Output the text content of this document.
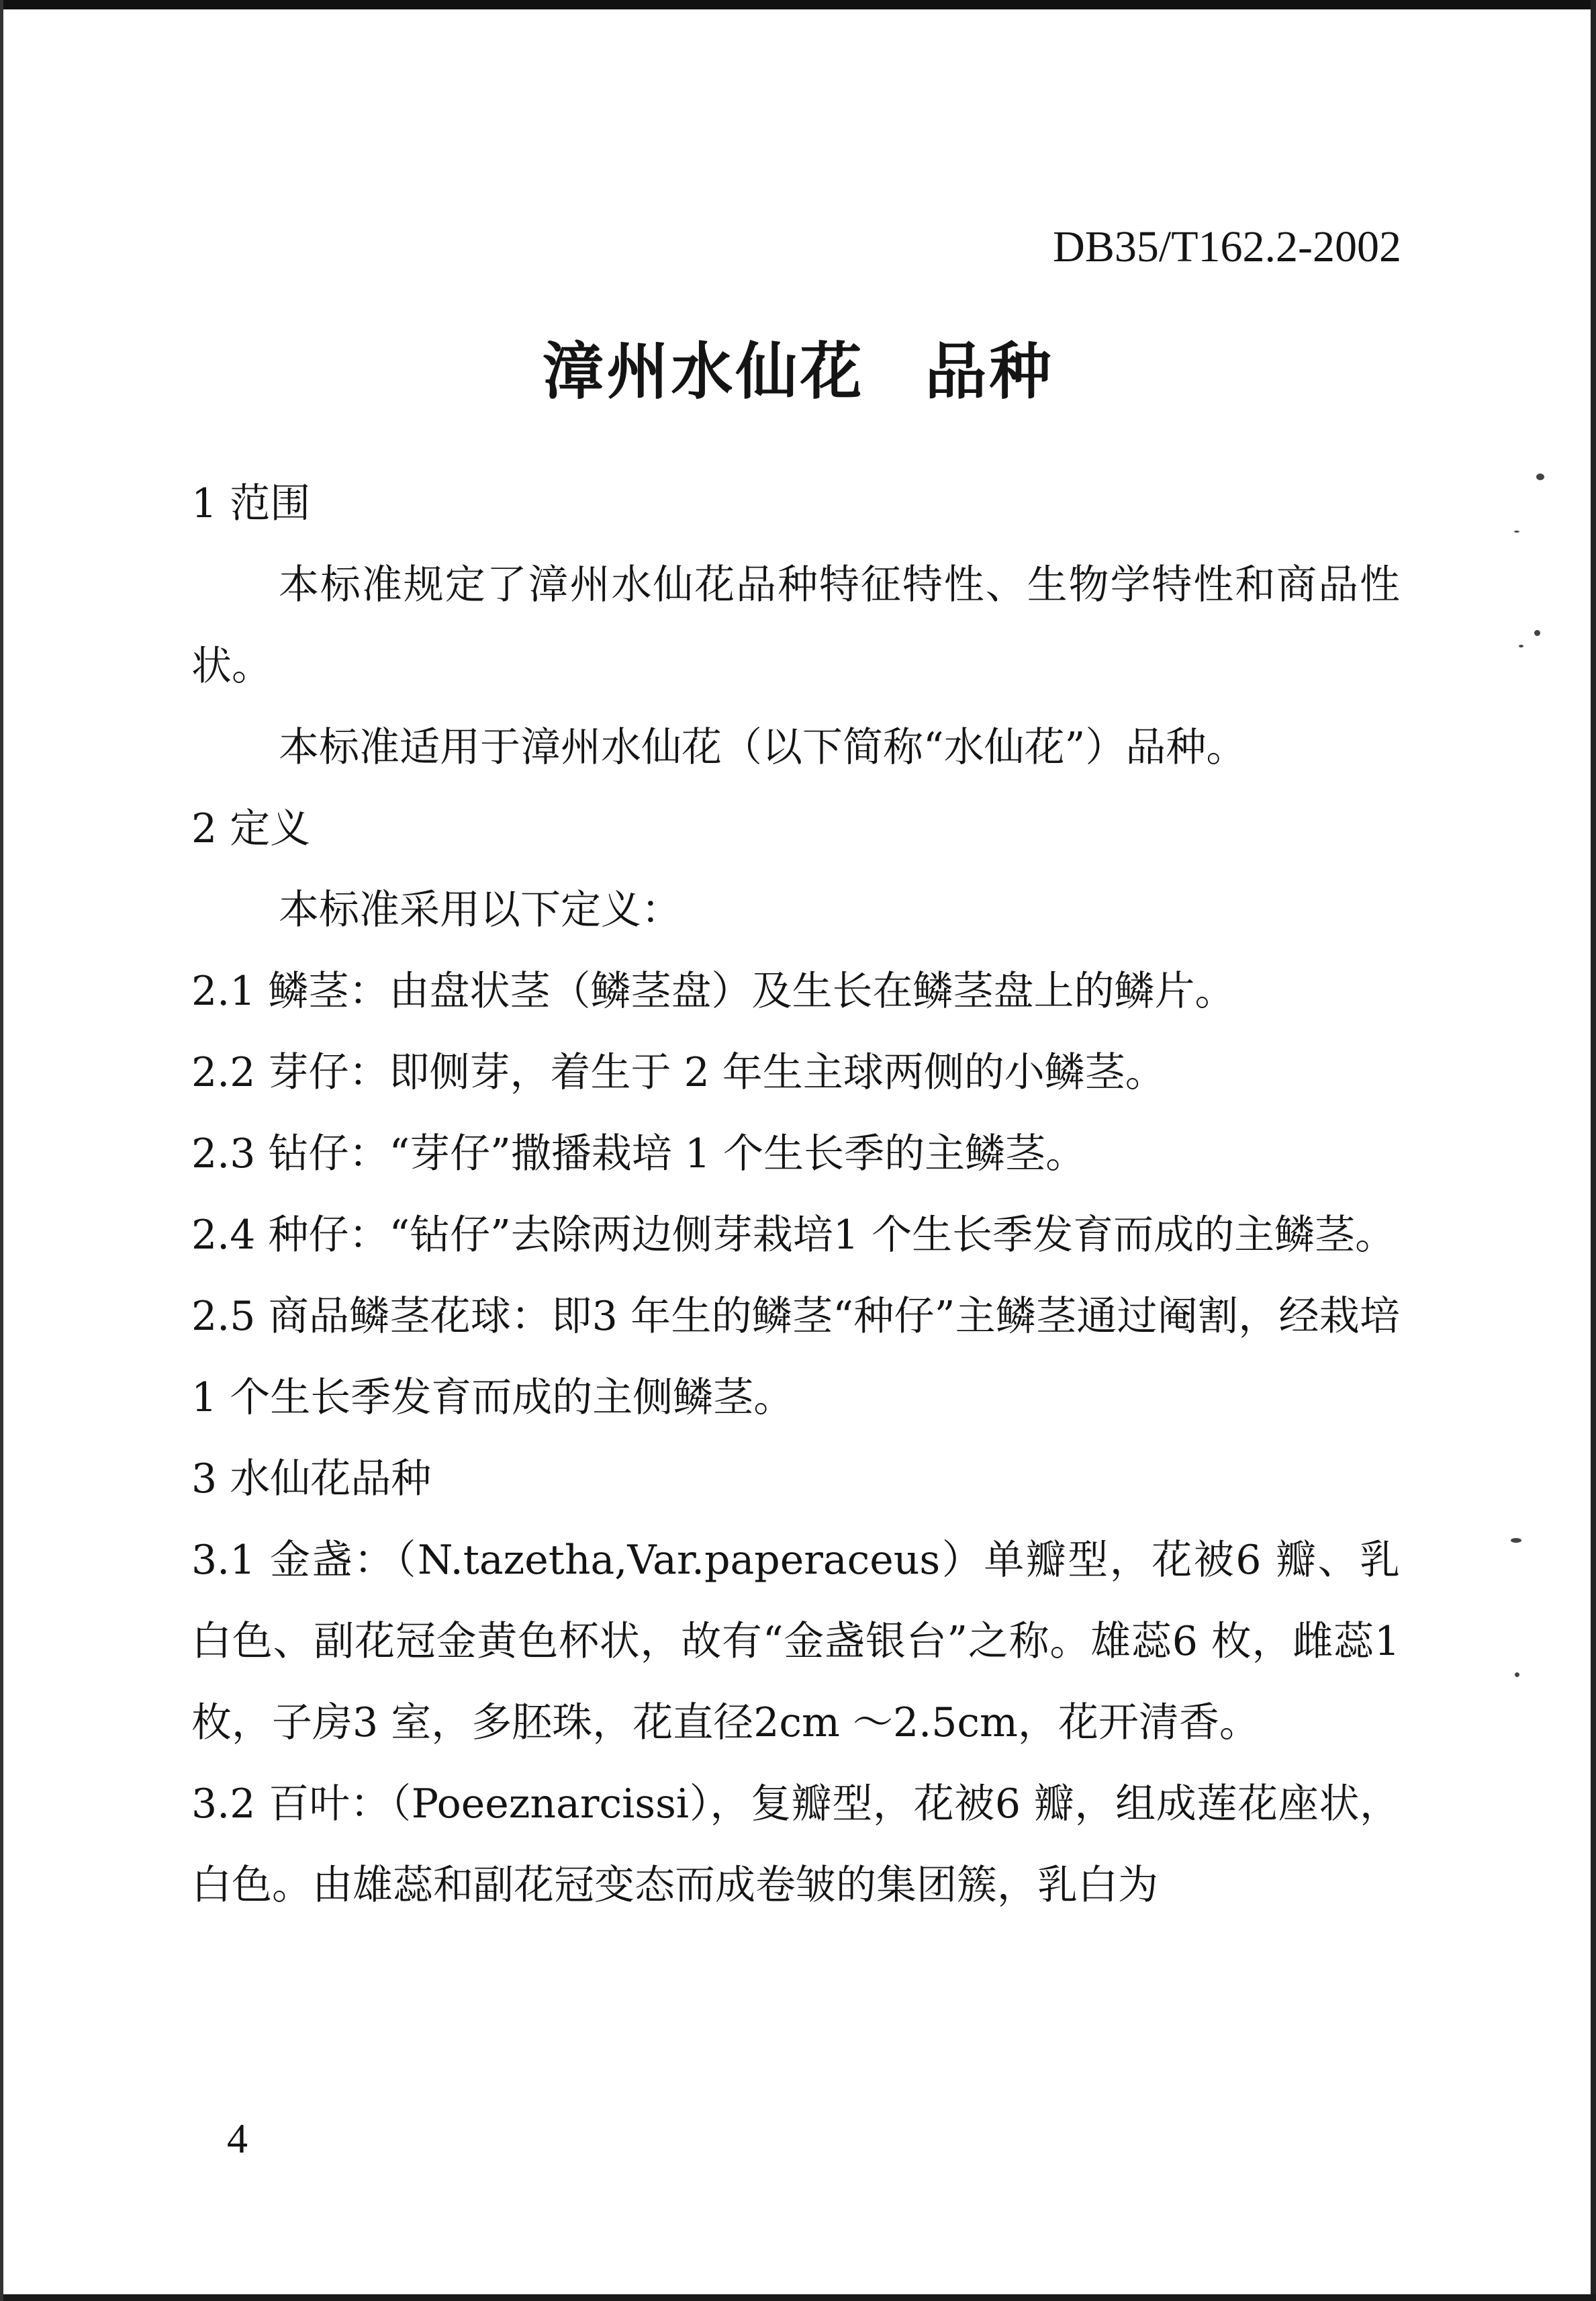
DB35/T162.2-2002
漳州水仙花 品种

1 范围

本标准规定了漳州水仙花品种特征特性、生物学特性和商品性状。

本标准适用于漳州水仙花（以下简称“水仙花”）品种。

2 定义

本标准采用以下定义：

2.1 鳞茎：由盘状茎（鳞茎盘）及生长在鳞茎盘上的鳞片。

2.2 芽仔：即侧芽，着生于 2 年生主球两侧的小鳞茎。

2.3 钻仔：“芽仔”撒播栽培 1 个生长季的主鳞茎。

2.4 种仔：“钻仔”去除两边侧芽栽培1 个生长季发育而成的主鳞茎。

2.5 商品鳞茎花球：即3 年生的鳞茎“种仔”主鳞茎通过阉割，经栽培 1 个生长季发育而成的主侧鳞茎。

3 水仙花品种

3.1 金盏：（N.tazetha,Var.paperaceus）单瓣型，花被6 瓣、乳白色、副花冠金黄色杯状，故有“金盏银台”之称。雄蕊6 枚，雌蕊1 枚，子房3 室，多胚珠，花直径2cm ～2.5cm，花开清香。

3.2 百叶：（Poeeznarcissi），复瓣型，花被6 瓣，组成莲花座状，白色。由雄蕊和副花冠变态而成卷皱的集团簇，乳白为

4
